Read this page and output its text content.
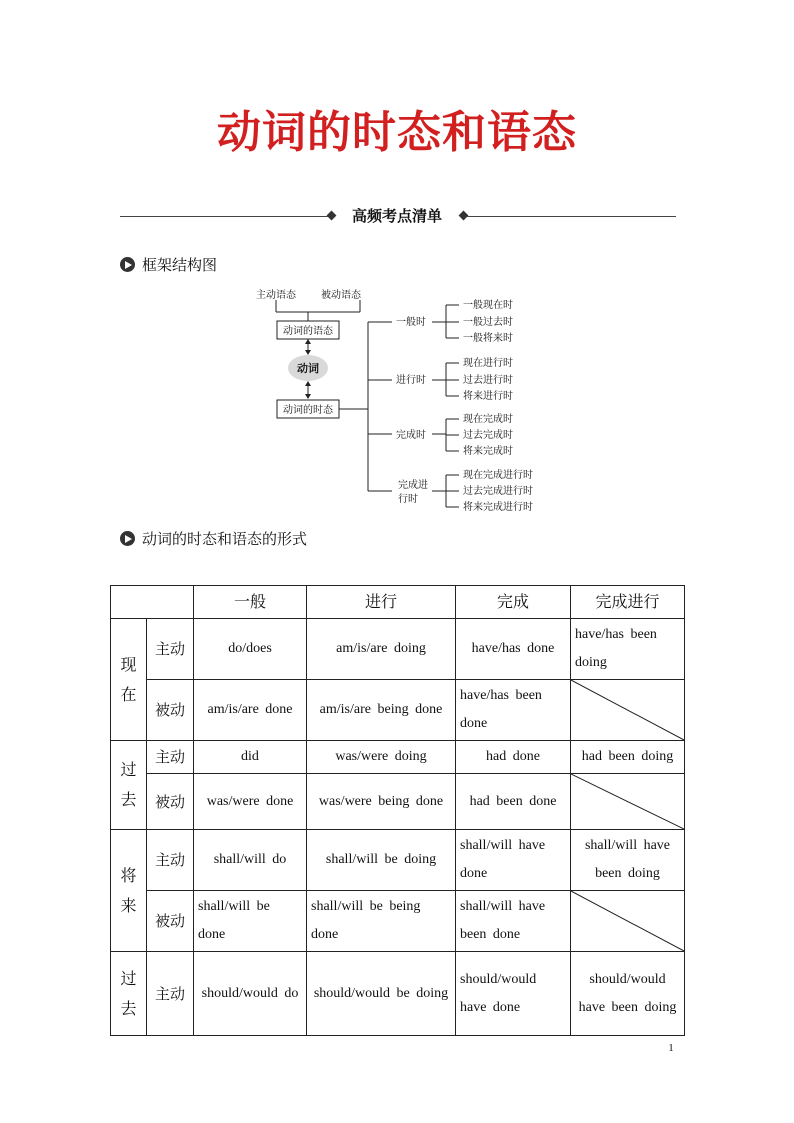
动词的时态和语态
高频考点清单
框架结构图
主动语态	被动语态
动词的语态
动词
动词的时态
一般时
一般现在时
一般过去时
一般将来时
进行时
现在进行时
过去进行时
将来进行时
完成时
现在完成时
过去完成时
将来完成时
完成进
行时
现在完成进行时
过去完成进行时
将来完成进行时
动词的时态和语态的形式
		一般	进行	完成	完成进行
现
在	主动	do/does	am/is/are doing	have/has done	have/has been doing
	被动	am/is/are done	am/is/are being done	have/has been done	

过
去	主动	did	was/were doing	had done	had been doing
	被动	was/were done	was/were being done	had been done	

将
来	主动	shall/will do	shall/will be doing	shall/will have done	shall/will have been doing
	被动	shall/will be done	shall/will be being done	shall/will have been done	

过
去	主动	should/would do	should/would be doing	should/would have done	should/would have been doing
1
